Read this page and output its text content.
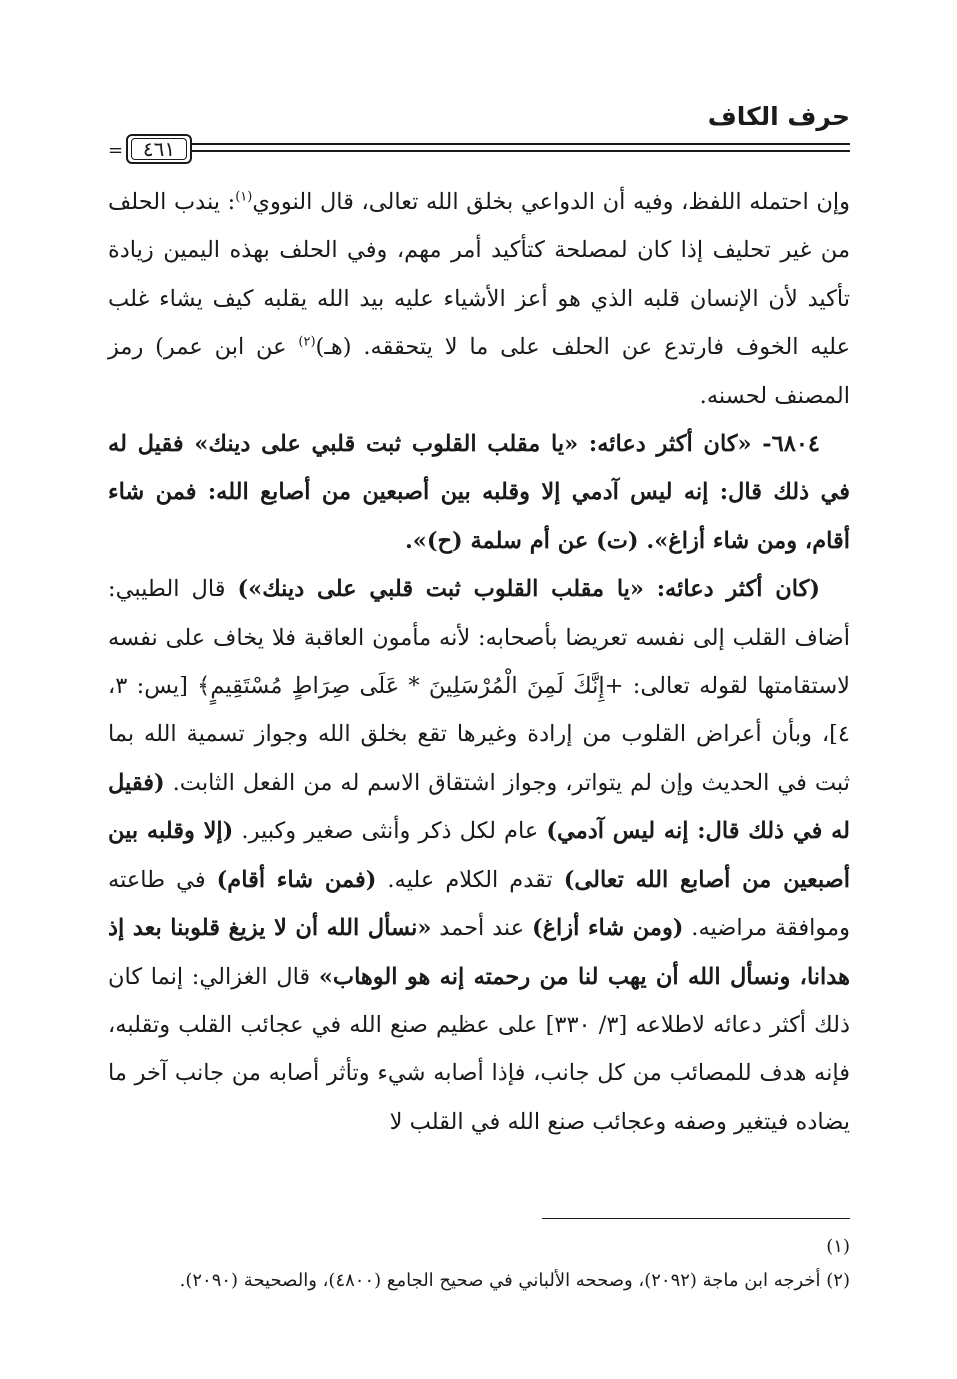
حرف الكاف
٤٦١
=

وإن احتمله اللفظ، وفيه أن الدواعي بخلق الله تعالى، قال النووي$^{(١)}$: يندب الحلف من غير تحليف إذا كان لمصلحة كتأكيد أمر مهم، وفي الحلف بهذه اليمين زيادة تأكيد لأن الإنسان قلبه الذي هو أعز الأشياء عليه بيد الله يقلبه كيف يشاء غلب عليه الخوف فارتدع عن الحلف على ما لا يتحققه. (هـ)$^{(٢)}$ عن ابن عمر) رمز المصنف لحسنه.

٦٨٠٤- «كان أكثر دعائه: «يا مقلب القلوب ثبت قلبي على دينك» فقيل له في ذلك قال: إنه ليس آدمي إلا وقلبه بين أصبعين من أصابع الله: فمن شاء أقام، ومن شاء أزاغ». (ت) عن أم سلمة (ح)».

(كان أكثر دعائه: «يا مقلب القلوب ثبت قلبي على دينك») قال الطيبي: أضاف القلب إلى نفسه تعريضا بأصحابه: لأنه مأمون العاقبة فلا يخاف على نفسه لاستقامتها لقوله تعالى: +إِنَّكَ لَمِنَ الْمُرْسَلِينَ * عَلَى صِرَاطٍ مُسْتَقِيمٍ﴾ [يس: ٣، ٤]، وبأن أعراض القلوب من إرادة وغيرها تقع بخلق الله وجواز تسمية الله بما ثبت في الحديث وإن لم يتواتر، وجواز اشتقاق الاسم له من الفعل الثابت. (فقيل له في ذلك قال: إنه ليس آدمي) عام لكل ذكر وأنثى صغير وكبير. (إلا وقلبه بين أصبعين من أصابع الله تعالى) تقدم الكلام عليه. (فمن شاء أقام) في طاعته وموافقة مراضيه. (ومن شاء أزاغ) عند أحمد «نسأل الله أن لا يزيغ قلوبنا بعد إذ هدانا، ونسأل الله أن يهب لنا من رحمته إنه هو الوهاب» قال الغزالي: إنما كان ذلك أكثر دعائه لاطلاعه [٣/ ٣٣٠] على عظيم صنع الله في عجائب القلب وتقلبه، فإنه هدف للمصائب من كل جانب، فإذا أصابه شيء وتأثر أصابه من جانب آخر ما يضاده فيتغير وصفه وعجائب صنع الله في القلب لا

(١)

(٢) أخرجه ابن ماجة (٢٠٩٢)، وصححه الألباني في صحيح الجامع (٤٨٠٠)، والصحيحة (٢٠٩٠).
